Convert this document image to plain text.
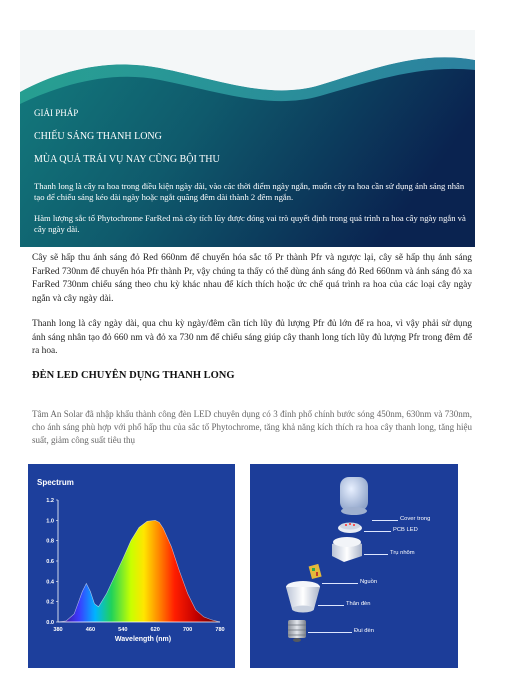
GIẢI PHÁP
CHIẾU SÁNG THANH LONG
MÙA QUẢ TRÁI VỤ NAY CŨNG BỘI THU
Thanh long là cây ra hoa trong điều kiện ngày dài, vào các thời điểm ngày ngắn, muốn cây ra hoa cần sử dụng ánh sáng nhân tạo để chiếu sáng kéo dài ngày hoặc ngắt quãng đêm dài thành 2 đêm ngắn.
Hàm lượng sắc tố Phytochrome FarRed mà cây tích lũy được đóng vai trò quyết định trong quá trình ra hoa cây ngày ngắn và cây ngày dài.
Cây sẽ hấp thu ánh sáng đỏ Red 660nm để chuyển hóa sắc tố Pr thành Pfr và ngược lại, cây sẽ hấp thụ ánh sáng FarRed 730nm để chuyển hóa Pfr thành Pr, vậy chúng ta thấy có thể dùng ánh sáng đỏ Red 660nm và ánh sáng đỏ xa FarRed 730nm chiếu sáng theo chu kỳ khác nhau để kích thích hoặc ức chế quá trình ra hoa của các loại cây ngày ngắn và cây ngày dài.
Thanh long là cây ngày dài, qua chu kỳ ngày/đêm cần tích lũy đủ lượng Pfr đủ lớn để ra hoa, vì vậy phải sử dụng ánh sáng nhân tạo đỏ 660 nm và đỏ xa 730 nm để chiếu sáng giúp cây thanh long tích lũy đủ lượng Pfr trong đêm để ra hoa.
ĐÈN LED CHUYÊN DỤNG THANH LONG
Tâm An Solar đã nhập khẩu thành công đèn LED chuyên dụng có 3 đỉnh phổ chính bước sóng 450nm, 630nm và 730nm, cho ánh sáng phù hợp với phổ hấp thu của sắc tố Phytochrome, tăng khả năng kích thích ra hoa cây thanh long, tăng hiệu suất, giảm công suất tiêu thụ
Spectrum
0.0
0.2
0.4
0.6
0.8
1.0
1.2
380	460	540	620	700	780
Wavelength (nm)
Cover trong
PCB LED
Trụ nhôm
Nguồn
Thân đèn
Đui đèn
